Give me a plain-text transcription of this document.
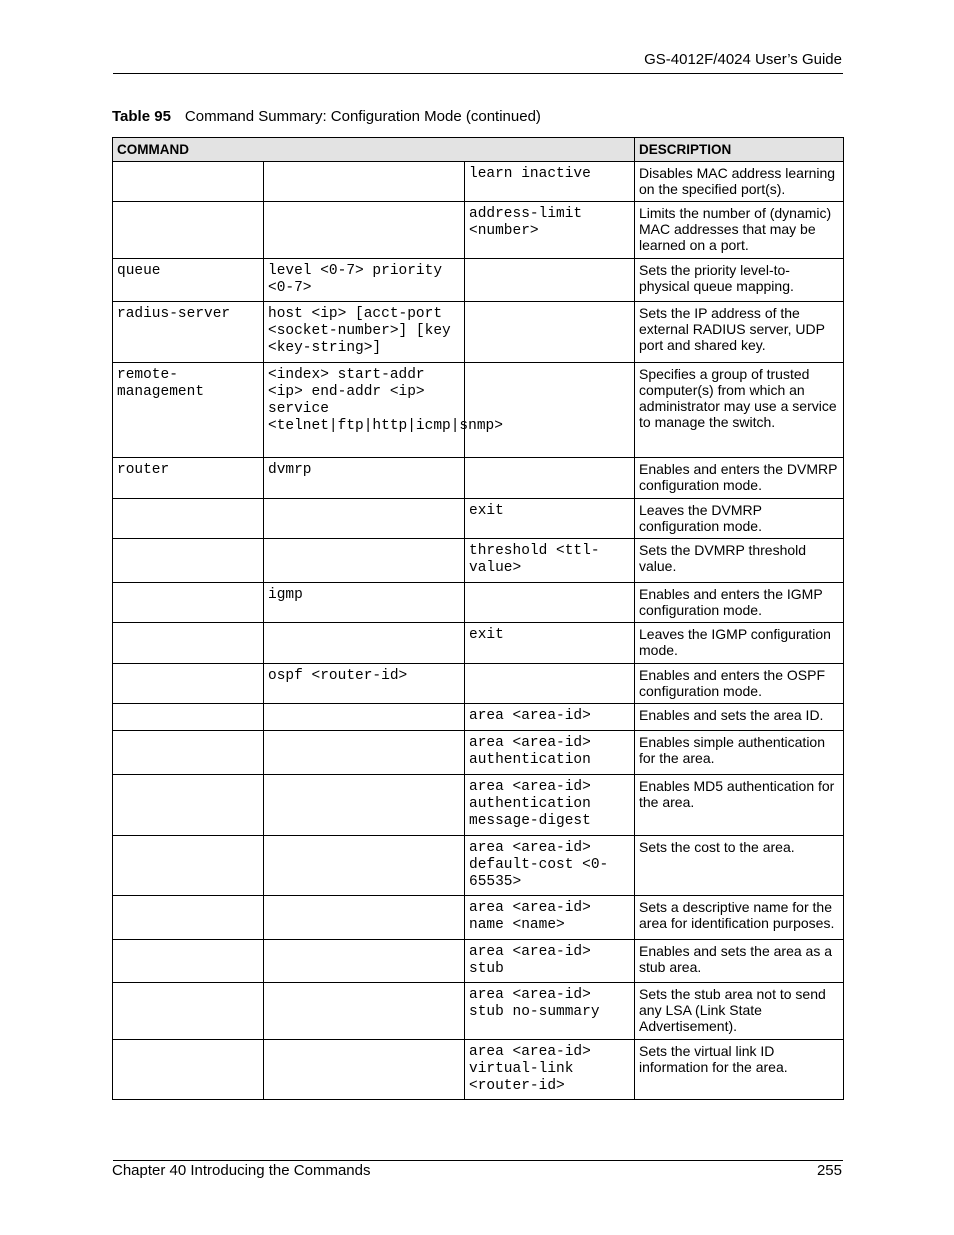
GS-4012F/4024 User’s Guide
Table 95 Command Summary: Configuration Mode (continued)
COMMAND			DESCRIPTION
		learn inactive	Disables MAC address learning on the specified port(s).
		address-limit <number>	Limits the number of (dynamic) MAC addresses that may be learned on a port.
queue	level <0-7> priority <0-7>		Sets the priority level-to-physical queue mapping.
radius-server	host <ip> [acct-port <socket-number>] [key <key-string>]		Sets the IP address of the external RADIUS server, UDP port and shared key.
remote-management	<index> start-addr <ip> end-addr <ip> service <telnet|ftp|http|icmp|snmp>		Specifies a group of trusted computer(s) from which an administrator may use a service to manage the switch.
router	dvmrp		Enables and enters the DVMRP configuration mode.
		exit	Leaves the DVMRP configuration mode.
		threshold <ttl-value>	Sets the DVMRP threshold value.
	igmp		Enables and enters the IGMP configuration mode.
		exit	Leaves the IGMP configuration mode.
	ospf <router-id>		Enables and enters the OSPF configuration mode.
		area <area-id>	Enables and sets the area ID.
		area <area-id> authentication	Enables simple authentication for the area.
		area <area-id> authentication message-digest	Enables MD5 authentication for the area.
		area <area-id> default-cost <0-65535>	Sets the cost to the area.
		area <area-id> name <name>	Sets a descriptive name for the area for identification purposes.
		area <area-id> stub	Enables and sets the area as a stub area.
		area <area-id> stub no-summary	Sets the stub area not to send any LSA (Link State Advertisement).
		area <area-id> virtual-link <router-id>	Sets the virtual link ID information for the area.
Chapter 40 Introducing the Commands	255
